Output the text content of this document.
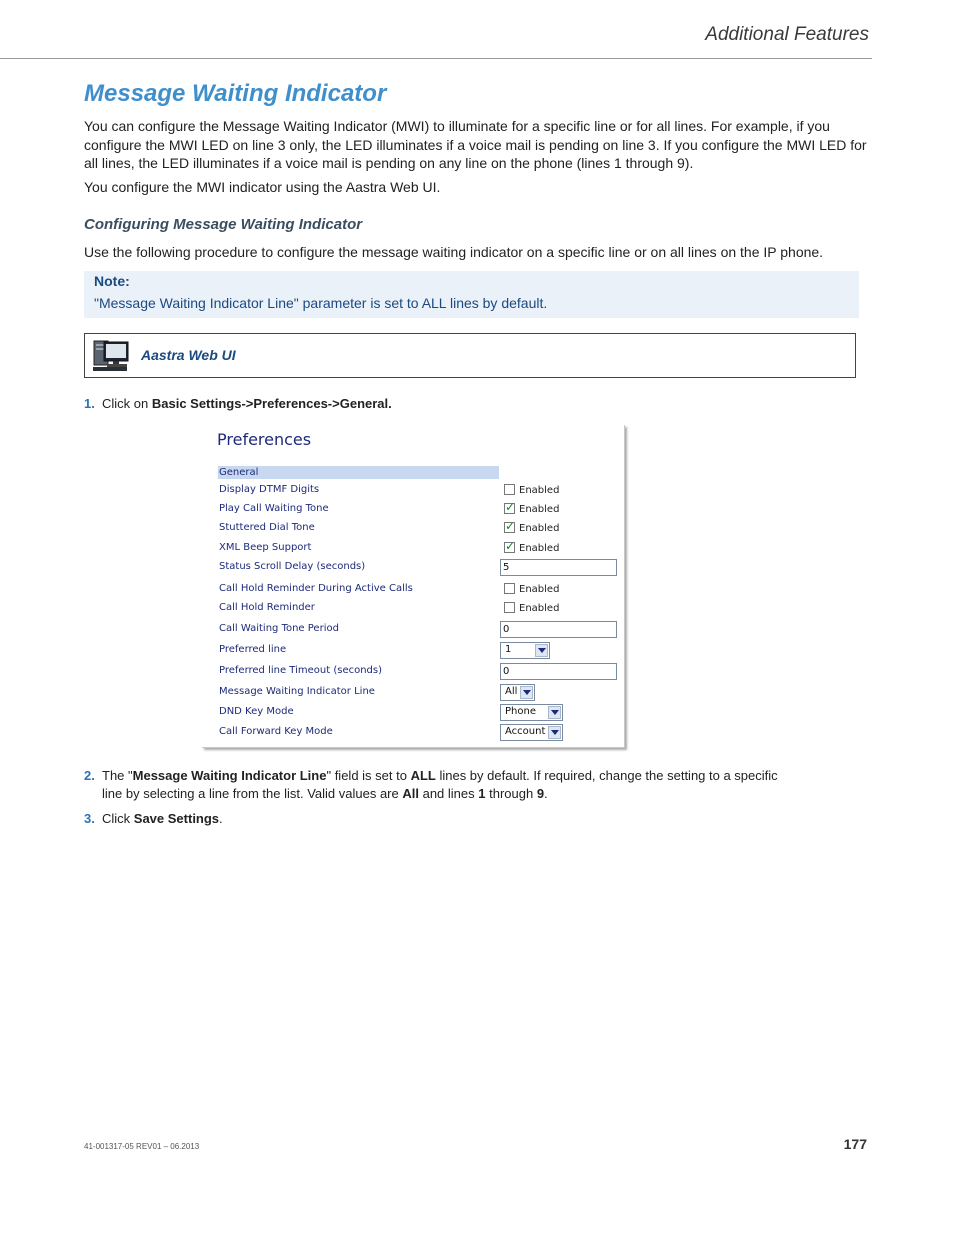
Additional Features
Message Waiting Indicator
You can configure the Message Waiting Indicator (MWI) to illuminate for a specific line or for all lines. For example, if you configure the MWI LED on line 3 only, the LED illuminates if a voice mail is pending on line 3. If you configure the MWI LED for all lines, the LED illuminates if a voice mail is pending on any line on the phone (lines 1 through 9).
You configure the MWI indicator using the Aastra Web UI.
Configuring Message Waiting Indicator
Use the following procedure to configure the message waiting indicator on a specific line or on all lines on the IP phone.
Note:
"Message Waiting Indicator Line" parameter is set to ALL lines by default.
Aastra Web UI
1. Click on Basic Settings->Preferences->General.
Preferences
General
Display DTMF Digits	Enabled
Play Call Waiting Tone	✓ Enabled
Stuttered Dial Tone	✓ Enabled
XML Beep Support	✓ Enabled
Status Scroll Delay (seconds)	5
Call Hold Reminder During Active Calls	Enabled
Call Hold Reminder	Enabled
Call Waiting Tone Period	0
Preferred line	1
Preferred line Timeout (seconds)	0
Message Waiting Indicator Line	All
DND Key Mode	Phone
Call Forward Key Mode	Account
2. The "Message Waiting Indicator Line" field is set to ALL lines by default. If required, change the setting to a specific line by selecting a line from the list. Valid values are All and lines 1 through 9.
3. Click Save Settings.
41-001317-05 REV01 – 06.2013	177
